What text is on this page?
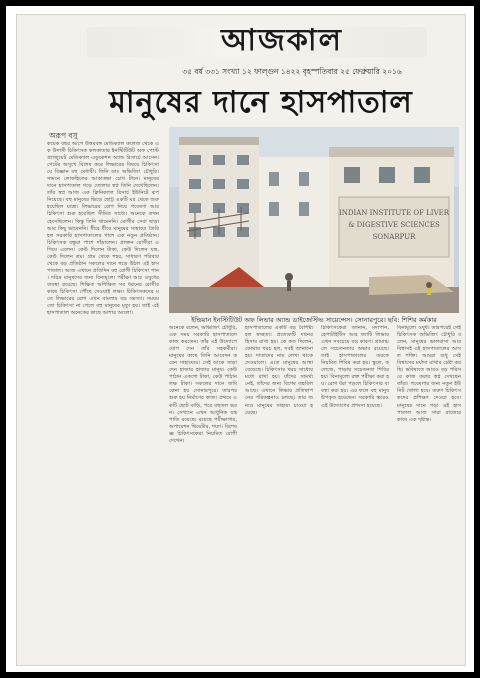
আজকাল
৩৫ বর্ষ ৩৩১ সংখ্যা ১২ ফাল্গুন ১৪২২ বৃহস্পতিবার ২৫ ফেব্রুয়ারি ২০১৬
মানুষের দানে হাসপাতাল
অরূপ বসু
INDIAN INSTITUTE OF LIVER
& DIGESTIVE SCIENCES
SONARPUR
ইন্ডিয়ান ইনস্টিটিউট অফ লিভার অ্যান্ড ডাইজেস্টিভ সায়েন্সেস। সোনারপুরে। ছবি: শিশির কর্মকার
কয়েক বছর আগে উত্তরবঙ্গ মেডিক্যাল কলেজ থেকে এক উদাসী চিকিৎসক কলকাতার ইনস্টিটিউট অফ পোস্ট গ্র্যাজুয়েট মেডিক্যাল এডুকেশন অ্যান্ড রিসার্চে আসেন। পেটের অসুখে বিশেষ করে লিভারের বিষয়ে চিকিৎসা যে বিজ্ঞান বহু মেধাবী। তিনি ডাঃ অভিজিৎ চৌধুরি। সামনে লোকহিতের আকাঙ্ক্ষা চোখ টানে। মানুষের দানে হাসপাতাল গড়ে তোলার স্বপ্ন তিনি দেখেছিলেন। তাঁর স্বপ্ন আজ এক ক্লিনিক্যাল রিসার্চ ইউনিটে রূপ নিয়েছে। বহু মানুষের ভিড়ে ছোট্ট একটি ঘর থেকে শুরু হয়েছিল যাত্রা। লিভারের রোগ নিয়ে গবেষণা আর চিকিৎসা শুরু হয়েছিল সীমিত সাধ্যে। অনেকে তখন হেসেছিলেন। কিন্তু তিনি থামেননি। রোগীর সেবা ছাড়া আর কিছু ভাবেননি। ধীরে ধীরে মানুষের সাহায্যে তৈরি হল সরকারি হাসপাতালের পাশে এক নতুন প্রতিষ্ঠান। চিকিৎসক বন্ধুরা পাশে দাঁড়ালেন। প্রাক্তন রোগীরা এগিয়ে এলেন। কেউ দিলেন টাকা, কেউ দিলেন যন্ত্র, কেউ দিলেন শ্রম। গ্রাম থেকে শহর, সাধারণ পরিবার থেকে বড় প্রতিষ্ঠান সকলের দানে গড়ে উঠল এই হাসপাতাল। আজ এখানে প্রতিদিন বহু রোগী চিকিৎসা পান। দরিদ্র মানুষদের জন্য বিনামূল্যে পরীক্ষা আর ওষুধের ব্যবস্থা রয়েছে। শিক্ষিত অশিক্ষিত সব ধরনের রোগীর কাছে চিকিৎসা পৌঁছে দেওয়াই লক্ষ্য। চিকিৎসকদের মতে লিভারের রোগ এখন বাংলায় বড় সমস্যা। সময়মতো চিকিৎসা না পেলে বহু মানুষের মৃত্যু হয়। তাই এই হাসপাতাল অনেকের কাছে আশার আলো।
অনেকে বলেন, অভিজিৎ চৌধুরি, এক সময় সরকারি হাসপাতালে কাজ করতেন। তাঁর এই উদ্যোগে যোগ দেন তাঁর সহকর্মীরা। মানুষের কাছে তিনি আবেদন করেন সাহায্যের। সেই ডাকে সাড়া দেন হাজার হাজার মানুষ। কেউ পাঠান একশো টাকা, কেউ পাঠান লক্ষ টাকা। সকলের দানে জমি কেনা হয় সোনারপুরে। তারপর শুরু হয় নির্মাণের কাজ। প্রথমে একটি ছোট বাড়ি, পরে বহুতল ভবন। সেখানে এখন আধুনিক যন্ত্রপাতি রয়েছে। রয়েছে পরীক্ষাগার, অপারেশন থিয়েটার, শয্যা। বিশেষজ্ঞ চিকিৎসকেরা নিয়মিত রোগী দেখেন।
হাসপাতালের একটি বড় বৈশিষ্ট্য হল স্বচ্ছতা। প্রত্যেকটি দানের হিসাব রাখা হয়। কে কত দিলেন, কোথায় খরচ হল, সবই জানানো হয়। দাতাদের নাম লেখা থাকে দেওয়ালে। এতে মানুষের আস্থা বেড়েছে। চিকিৎসার খরচ সাধ্যের মধ্যে রাখা হয়। যাঁদের সামর্থ্য নেই, তাঁদের জন্য বিশেষ তহবিল আছে। এখানে লিভার প্রতিস্থাপনের পরিকল্পনাও চলছে। তার জন্যও মানুষের সাহায্য চাওয়া হয়েছে।
চিকিৎসকেরা জানান, মদ্যপান, হেপাটাইটিস আর ফ্যাটি লিভার এখন সবচেয়ে বড় কারণ। গ্রামাঞ্চলে সচেতনতার অভাব রয়েছে। তাই হাসপাতালের তরফে নিয়মিত শিবির করা হয়। স্কুলে, কলেজে, পাড়ায় সচেতনতা শিবির হয়। বিনামূল্যে রক্ত পরীক্ষা করা হয়। রোগ ধরা পড়লে চিকিৎসার ব্যবস্থা করা হয়। এর ফলে বহু মানুষ উপকৃত হয়েছেন। সরকারি স্তরেও এই উদ্যোগের প্রশংসা হয়েছে।
বিনামূল্যে ওষুধ। তারপরেই সেই চিকিৎসক অভিজিৎ চৌধুরি বলেন, মানুষের ভালবাসা আর বিশ্বাসই এই হাসপাতালের আসল শক্তি। আমরা শুধু সেই বিশ্বাসের মর্যাদা রাখার চেষ্টা করছি। ভবিষ্যতে আরও বড় পরিসরে কাজ করার স্বপ্ন দেখছেন তাঁরা। গবেষণার জন্য নতুন ইউনিট খোলা হবে। তরুণ চিকিৎসকদের প্রশিক্ষণ দেওয়া হবে। মানুষের দানে গড়া এই হাসপাতাল আজ সারা রাজ্যের কাছে এক দৃষ্টান্ত।
